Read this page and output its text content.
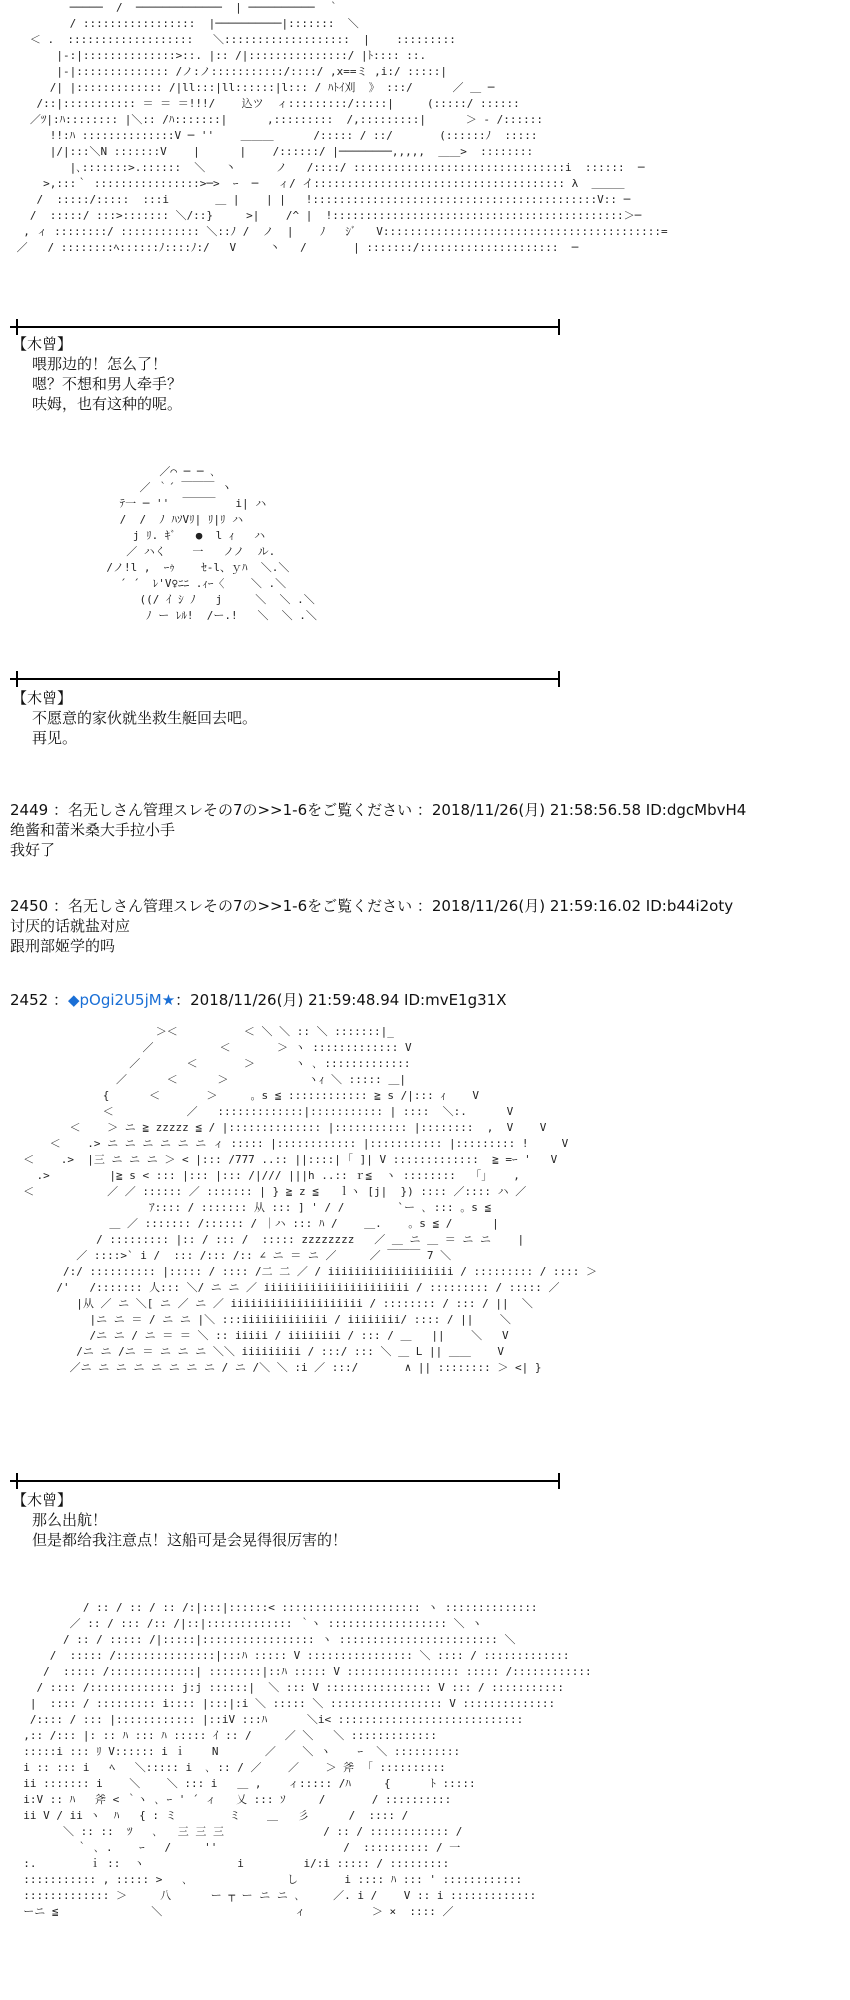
─────  /  ─────────────  | ──────────  ｀
/ :::::::::::::::::  |──────────|:::::::  ＼
＜ .  :::::::::::::::::::   ＼:::::::::::::::::::  |    :::::::::
|-:|::::::::::::::>::. |:: /|:::::::::::::::/ |ﾄ:::: ::.
|-|:::::::::::::: /ノ:ノ:::::::::::/::::/ ,x==ミ ,i:/ :::::|
/| |::::::::::::: /|ll:::|ll::::::|l::: / ﾊﾄｲ刈  》 :::/      ／ ＿ ─
/::|::::::::::: ＝ ＝ ＝!!!/    込ツ  ィ:::::::::/:::::|     (:::::/ ::::::
／ﾂ|:ﾊ:::::::: |＼:: /ﾊ:::::::|      ,:::::::::  /,:::::::::|      ＞ - /::::::
!!:ﾊ ::::::::::::::V ─ ''    ＿＿＿      /::::: / ::/       (::::::ﾉ  :::::
|/|:::＼N :::::::V    |      |    /::::::/ |────────,,,,,  ＿＿>  ::::::::
|､:::::::>.::::::  ＼   丶      ノ   /::::/ ::::::::::::::::::::::::::::::::i  ::::::  ─
>,:::｀ ::::::::::::::::>─>  ｰ  ─   ィ/ イ:::::::::::::::::::::::::::::::::::::: λ  ＿＿＿
/  :::::/:::::  :::i       ＿ |    | |   !:::::::::::::::::::::::::::::::::::::::::::V:: ─
/  :::::/ :::>::::::: ＼/::}     >|    /^ |  !::::::::::::::::::::::::::::::::::::::::::::＞─
, ィ ::::::::/ :::::::::::: ＼::ﾉ /  ノ  |    ﾉ   ｼﾞ   V::::::::::::::::::::::::::::::::::::::::::=
／   / ::::::::ﾍ::::::ﾉ::::ﾉ:/   V     丶   /       | :::::::/:::::::::::::::::::::  ─
【木曾】
喂那边的！怎么了！
嗯？不想和男人牵手？
呋姆，也有这种的呢。
／⌒ ─ ─ ､
／ ｀´ ￣￣￣ ヽ
ﾃ一 ─ ''  ￣￣￣   i| ハ
/  /  ﾉ ﾊｿVﾘ| ﾘ|ﾘ ハ
j ﾘ. ｷﾞ   ●  l ｨ   ハ
／ ハく    一   ノノ  ル.
/ノ!l ,  ｰｩ    ｾ-l、ｙﾊ  ＼.＼
´ ´  ﾚ'V♀ﾆﾆ .ｨｰ〈    ＼ .＼
((/ ｲ ｼ ﾉ   j     ＼  ＼ .＼
ﾉ ー ﾚﾙ!  /ー.!   ＼  ＼ .＼
【木曾】
不愿意的家伙就坐救生艇回去吧。
再见。
2449 ：名无しさん管理スレその7の>>1-6をご覧ください ：2018/11/26(月) 21:58:56.58 ID:dgcMbvH4
绝酱和蕾米桑大手拉小手
我好了
2450 ：名无しさん管理スレその7の>>1-6をご覧ください ：2018/11/26(月) 21:59:16.02 ID:b44i2oty
讨厌的话就盐对应
跟刑部姬学的吗
2452 ：◆pOgi2U5jM★：2018/11/26(月) 21:59:48.94 ID:mvE1g31X
＞＜          ＜ ＼ ＼ :: ＼ :::::::|_
／          ＜       ＞ ヽ ::::::::::::: V
／       ＜       ＞      ヽ ､ :::::::::::::
／      ＜      ＞            ヽｨ ＼ ::::: ＿|
{      ＜       ＞     。s ≦ :::::::::::: ≧ s /|::: ｨ    V
＜           ／   :::::::::::::|::::::::::: | ::::  ＼:.      V
＜    ＞ ニ ≧ zzzzz ≦ / |:::::::::::::: |::::::::::: |::::::::  ,  V    V
＜    .> ニ ニ ニ ニ ニ ニ ィ ::::: |:::::::::::: |::::::::::: |::::::::: !     V
＜    .>  |三 ニ ニ ニ ＞ < |::: /777 ..:: ||::::| ｢ ]| V :::::::::::::  ≧ =ｰ '   V
.>         |≧ s < ::: |::: |::: /|/// |||h ..:: ｒ≦  ヽ ::::::::   ｢｣    ,
＜           ／ ／ :::::: ／ ::::::: | } ≧ z ≦   ｌヽ [j|  }) :::: ／:::: ハ ／
ｱ:::: / ::::::: 从 ::: ] ' / /        `ー ､ ::: 。s ≦
＿ ／ ::::::: /:::::: / ｜ハ ::: ﾊ /    ＿.    。s ≦ /      |
/ ::::::::: |:: / ::: /  ::::: zzzzzzzz   ／ ＿ ニ ＿ ＝ ニ ニ    |
／ ::::>` i /  ::: /::: /:: ∠ ニ ＝ ニ ／     ／ ￣￣￣ 7 ＼
/:/ :::::::::: |::::: / :::: /二 二 ／ / iiiiiiiiiiiiiiiiiii / ::::::::: / :::: ＞
/'   /::::::: 人::: ＼/ ニ ニ ／ iiiiiiiiiiiiiiiiiiiiii / ::::::::: / ::::: ／
|从 ／ ニ ＼[ ニ ／ ニ ／ iiiiiiiiiiiiiiiiiiii / :::::::: / ::: / ||  ＼
|ニ ニ ＝ / ニ ニ |＼ :::iiiiiiiiiiiii / iiiiiiii/ :::: / ||    ＼
/ニ ニ / ニ ＝ ＝ ＼ :: iiiii / iiiiiiii / ::: / ＿   ||    ＼   V
/ニ ニ /ニ ＝ ニ ニ ニ ＼＼ iiiiiiiii / :::/ ::: ＼ ＿ L || ＿＿    V
／ニ ニ ニ ニ ニ ニ ニ ニ / ニ /＼ ＼ :i ／ :::/       ∧ || :::::::: ＞ <| }
【木曾】
那么出航！
但是都给我注意点！这船可是会晃得很厉害的！
/ :: / :: / :: /:|:::|::::::< ::::::::::::::::::::: ヽ ::::::::::::::
／ :: / ::: /:: /|::|::::::::::::: ｀ヽ :::::::::::::::::: ＼ ヽ
/ :: / ::::: /|:::::|::::::::::::::::: ヽ :::::::::::::::::::::::: ＼
/  ::::: /:::::::::::::::|:::ﾊ ::::: V :::::::::::::::: ＼ :::: / :::::::::::::
/  ::::: /:::::::::::::| ::::::::|::ﾊ ::::: V ::::::::::::::::: ::::: /::::::::::::
/ :::: /::::::::::::: j:j ::::::|  ＼ ::: V :::::::::::::::: V ::: / :::::::::::
|  :::: / ::::::::: i:::: |:::|:i ＼ ::::: ＼ ::::::::::::::::: V ::::::::::::::
/:::: / ::: |:::::::::::: |::iV :::ﾊ      ＼i< ::::::::::::::::::::::::::::
,:: /::: |: :: ﾊ ::: ﾊ ::::: ｲ :: /     ／ ＼   ＼ :::::::::::::
:::::i ::: ﾘ V:::::: i ｉ    N       ／    ＼ ヽ    ｰ  ＼ ::::::::::
i :: ::: i   ﾍ   ＼::::: i  ､ :: / ／    ／    ＞ 斧  ｢ ::::::::::
ii ::::::: i    ＼    ＼ ::: i   ＿ ,    ィ::::: /ﾊ     {      ﾄ :::::
i:V :: ﾊ   斧 < ｀ヽ ､ ｰ ' ´ ィ   乂 ::: ｿ     /       / ::::::::::
ii V / ii ヽ  ﾊ   { : ミ        ミ    ＿   彡      /  :::: /
＼ :: ::  ﾂ   ､   三 三 三               / :: / :::::::::::: /
｀ ､ .    ｰ   /     ''                   /  :::::::::: / 一
:.        ｉ ::  ヽ              i         i/:i ::::: / :::::::::
::::::::::: , ::::: >   ､               し       i :::: ﾊ ::: ' ::::::::::::
::::::::::::: ＞     八      ー ┬ ー ニ ニ ､     ／. i /    V :: i :::::::::::::
ーニ ≦              ＼                    ィ          ＞ ×  :::: ／
